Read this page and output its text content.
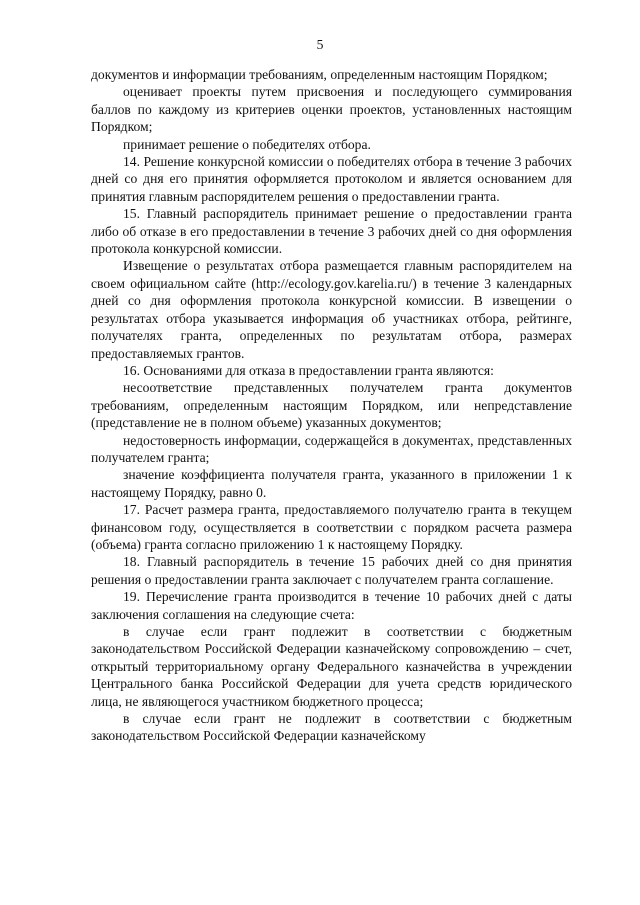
5

документов и информации требованиям, определенным настоящим Порядком;

оценивает проекты путем присвоения и последующего суммирования баллов по каждому из критериев оценки проектов, установленных настоящим Порядком;

принимает решение о победителях отбора.

14. Решение конкурсной комиссии о победителях отбора в течение 3 рабочих дней со дня его принятия оформляется протоколом и является основанием для принятия главным распорядителем решения о предоставлении гранта.

15. Главный распорядитель принимает решение о предоставлении гранта либо об отказе в его предоставлении в течение 3 рабочих дней со дня оформления протокола конкурсной комиссии.

Извещение о результатах отбора размещается главным распорядителем на своем официальном сайте (http://ecology.gov.karelia.ru/) в течение 3 календарных дней со дня оформления протокола конкурсной комиссии. В извещении о результатах отбора указывается информация об участниках отбора, рейтинге, получателях гранта, определенных по результатам отбора, размерах предоставляемых грантов.

16. Основаниями для отказа в предоставлении гранта являются:

несоответствие представленных получателем гранта документов требованиям, определенным настоящим Порядком, или непредставление (представление не в полном объеме) указанных документов;

недостоверность информации, содержащейся в документах, представленных получателем гранта;

значение коэффициента получателя гранта, указанного в приложении 1 к настоящему Порядку, равно 0.

17. Расчет размера гранта, предоставляемого получателю гранта в текущем финансовом году, осуществляется в соответствии с порядком расчета размера (объема) гранта согласно приложению 1 к настоящему Порядку.

18. Главный распорядитель в течение 15 рабочих дней со дня принятия решения о предоставлении гранта заключает с получателем гранта соглашение.

19. Перечисление гранта производится в течение 10 рабочих дней с даты заключения соглашения на следующие счета:

в случае если грант подлежит в соответствии с бюджетным законодательством Российской Федерации казначейскому сопровождению – счет, открытый территориальному органу Федерального казначейства в учреждении Центрального банка Российской Федерации для учета средств юридического лица, не являющегося участником бюджетного процесса;

в случае если грант не подлежит в соответствии с бюджетным законодательством Российской Федерации казначейскому
